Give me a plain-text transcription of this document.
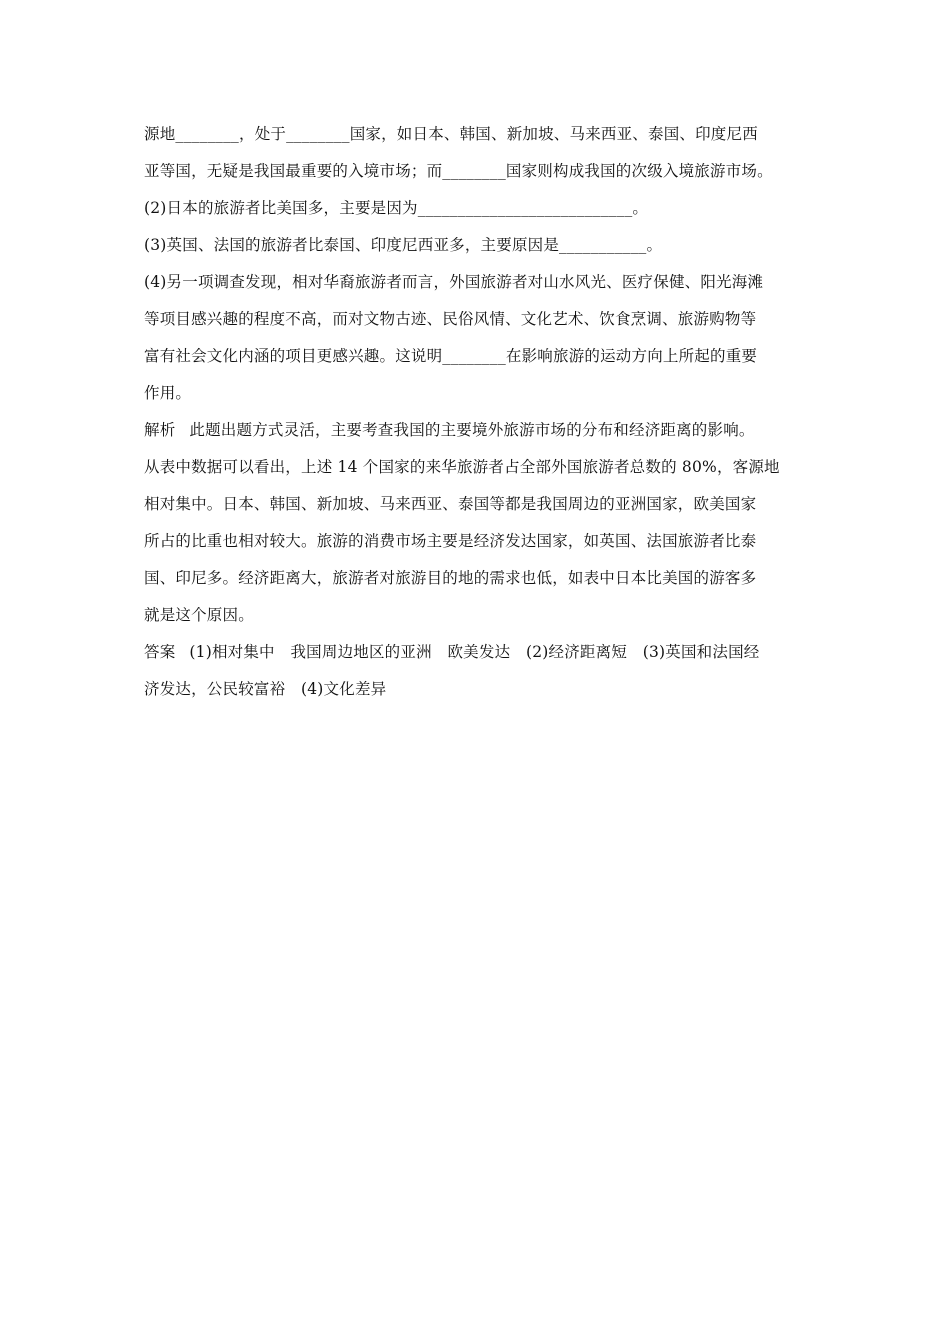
源地________，处于________国家，如日本、韩国、新加坡、马来西亚、泰国、印度尼西
亚等国，无疑是我国最重要的入境市场；而________国家则构成我国的次级入境旅游市场。
(2)日本的旅游者比美国多，主要是因为___________________________。
(3)英国、法国的旅游者比泰国、印度尼西亚多，主要原因是___________。
(4)另一项调查发现，相对华裔旅游者而言，外国旅游者对山水风光、医疗保健、阳光海滩
等项目感兴趣的程度不高，而对文物古迹、民俗风情、文化艺术、饮食烹调、旅游购物等
富有社会文化内涵的项目更感兴趣。这说明________在影响旅游的运动方向上所起的重要
作用。
解析 此题出题方式灵活，主要考查我国的主要境外旅游市场的分布和经济距离的影响。
从表中数据可以看出，上述 14 个国家的来华旅游者占全部外国旅游者总数的 80%，客源地
相对集中。日本、韩国、新加坡、马来西亚、泰国等都是我国周边的亚洲国家，欧美国家
所占的比重也相对较大。旅游的消费市场主要是经济发达国家，如英国、法国旅游者比泰
国、印尼多。经济距离大，旅游者对旅游目的地的需求也低，如表中日本比美国的游客多
就是这个原因。
答案 (1)相对集中　我国周边地区的亚洲　欧美发达　(2)经济距离短　(3)英国和法国经
济发达，公民较富裕　(4)文化差异
